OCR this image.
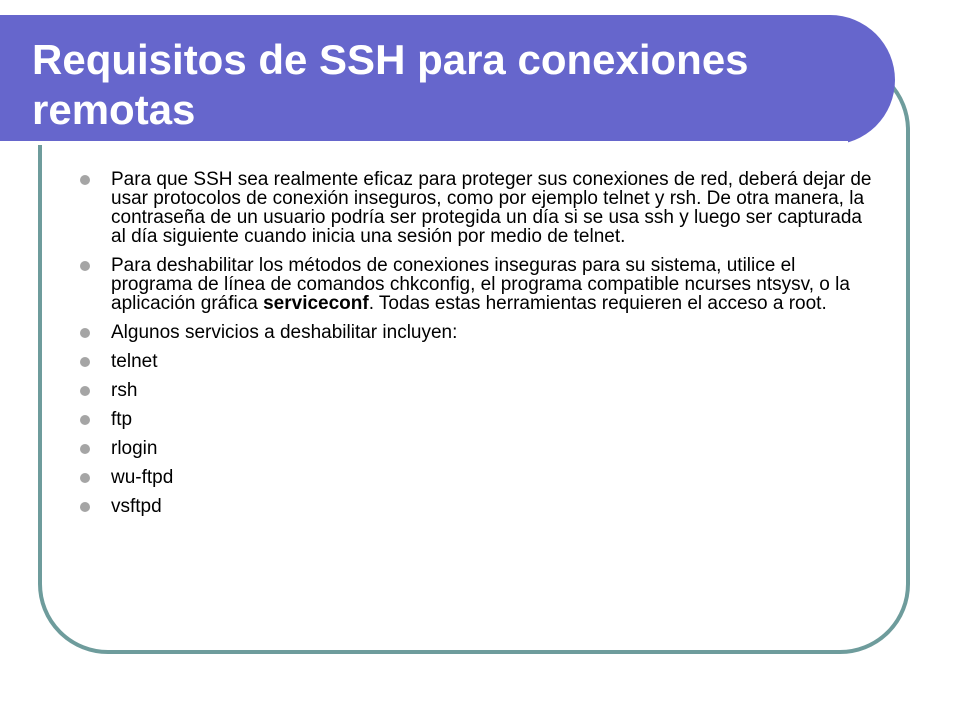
Requisitos de SSH para conexiones remotas
Para que SSH sea realmente eficaz para proteger sus conexiones de red, deberá dejar de usar protocolos de conexión inseguros, como por ejemplo telnet y rsh. De otra manera, la contraseña de un usuario podría ser protegida un día si se usa ssh y luego ser capturada al día siguiente cuando inicia una sesión por medio de telnet.
Para deshabilitar los métodos de conexiones inseguras para su sistema, utilice el programa de línea de comandos chkconfig, el programa compatible ncurses ntsysv, o la aplicación gráfica serviceconf. Todas estas herramientas requieren el acceso a root.
Algunos servicios a deshabilitar incluyen:
telnet
rsh
ftp
rlogin
wu-ftpd
vsftpd
